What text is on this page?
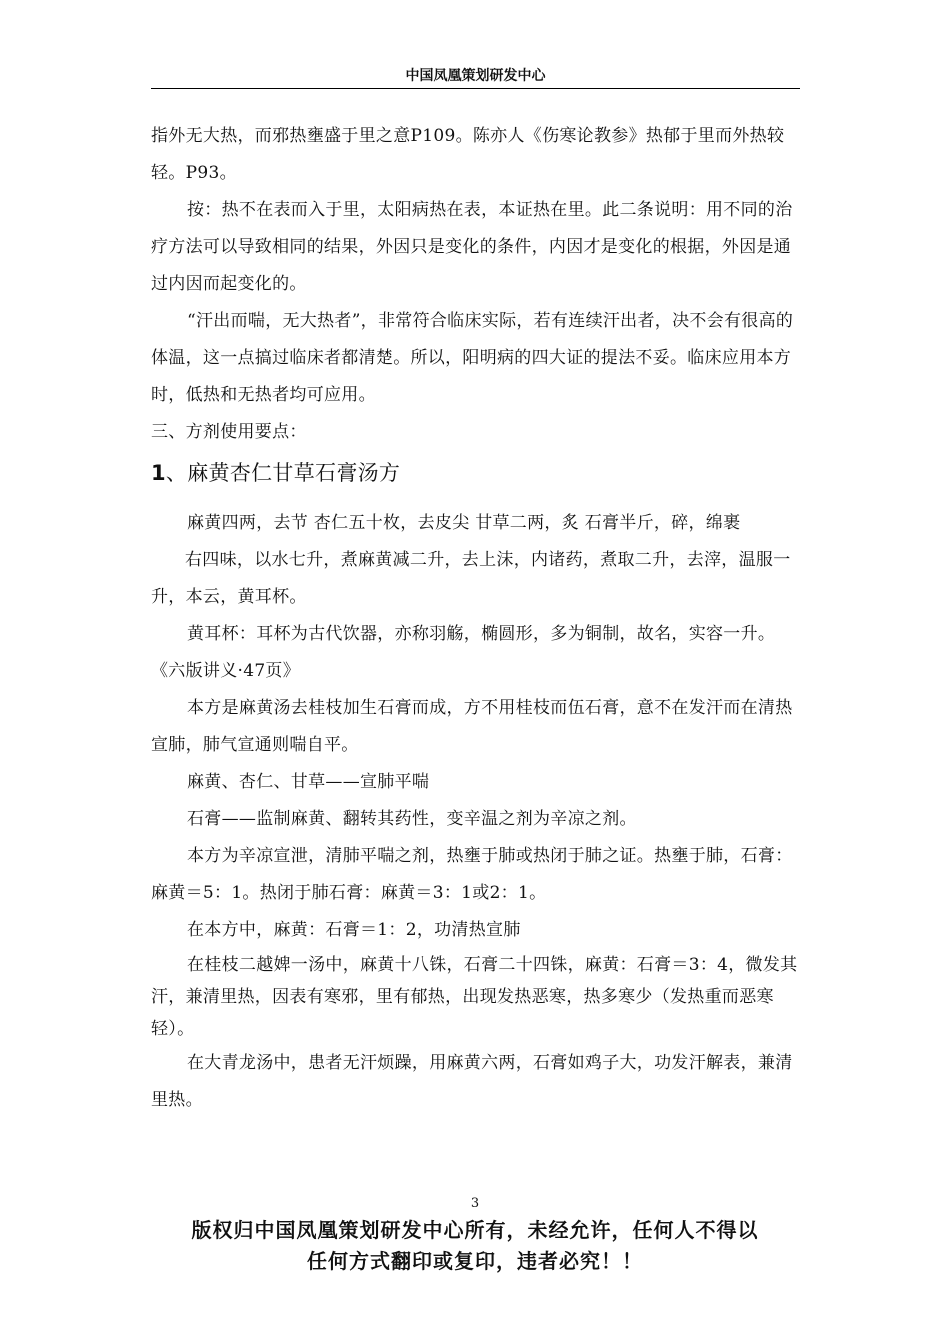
中国凤凰策划研发中心

指外无大热，而邪热壅盛于里之意P109。陈亦人《伤寒论教参》热郁于里而外热较轻。P93。

按：热不在表而入于里，太阳病热在表，本证热在里。此二条说明：用不同的治疗方法可以导致相同的结果，外因只是变化的条件，内因才是变化的根据，外因是通过内因而起变化的。

“汗出而喘，无大热者”，非常符合临床实际，若有连续汗出者，决不会有很高的体温，这一点搞过临床者都清楚。所以，阳明病的四大证的提法不妥。临床应用本方时，低热和无热者均可应用。

三、方剂使用要点：

1、麻黄杏仁甘草石膏汤方

麻黄四两，去节 杏仁五十枚，去皮尖 甘草二两，炙 石膏半斤，碎，绵裹

右四味，以水七升，煮麻黄减二升，去上沫，内诸药，煮取二升，去滓，温服一升，本云，黄耳杯。

黄耳杯：耳杯为古代饮器，亦称羽觞，椭圆形，多为铜制，故名，实容一升。《六版讲义·47页》

本方是麻黄汤去桂枝加生石膏而成，方不用桂枝而伍石膏，意不在发汗而在清热宣肺，肺气宣通则喘自平。

麻黄、杏仁、甘草——宣肺平喘

石膏——监制麻黄、翻转其药性，变辛温之剂为辛凉之剂。

本方为辛凉宣泄，清肺平喘之剂，热壅于肺或热闭于肺之证。热壅于肺，石膏：麻黄＝5：1。热闭于肺石膏：麻黄＝3：1或2：1。

在本方中，麻黄：石膏＝1：2，功清热宣肺

在桂枝二越婢一汤中，麻黄十八铢，石膏二十四铢，麻黄：石膏＝3：4，微发其汗，兼清里热，因表有寒邪，里有郁热，出现发热恶寒，热多寒少（发热重而恶寒轻）。

在大青龙汤中，患者无汗烦躁，用麻黄六两，石膏如鸡子大，功发汗解表，兼清里热。

3
版权归中国凤凰策划研发中心所有，未经允许，任何人不得以
任何方式翻印或复印，违者必究！！
